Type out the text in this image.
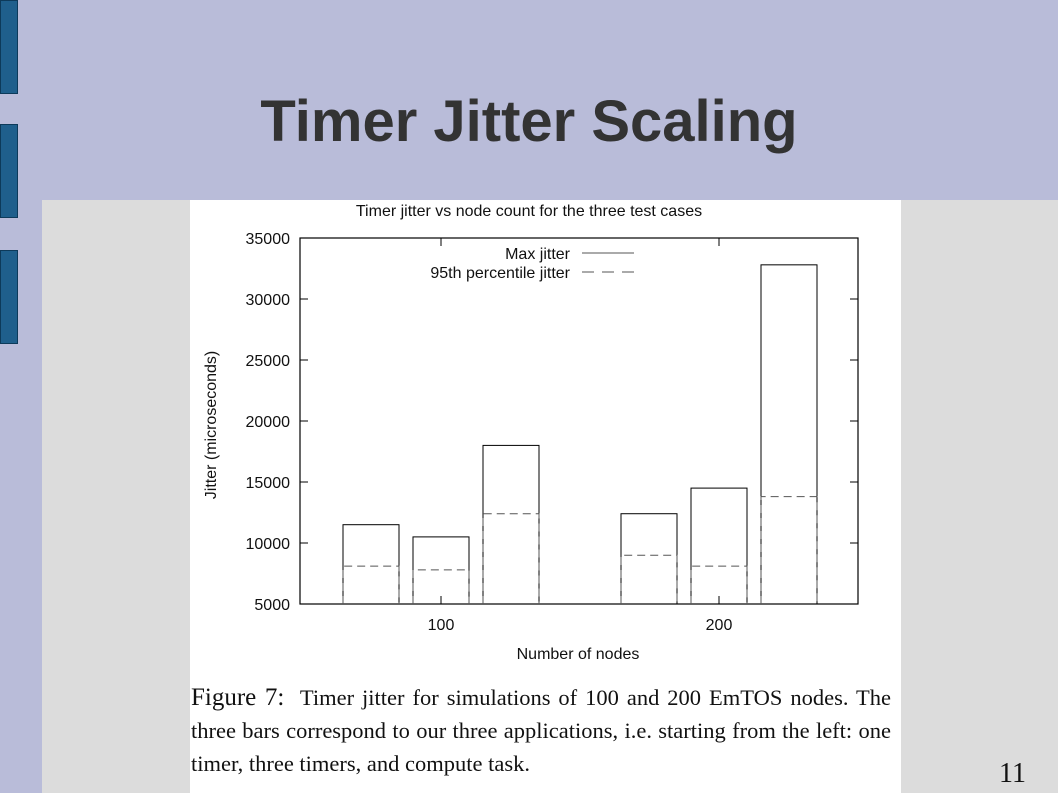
Timer Jitter Scaling
Timer jitter vs node count for the three test cases
5000
10000
15000
20000
25000
30000
35000
Jitter (microseconds)
Number of nodes
100	200
Max jitter
95th percentile jitter
Figure 7: Timer jitter for simulations of 100 and 200 EmTOS nodes. The three bars correspond to our three applications, i.e. starting from the left: one timer, three timers, and compute task.	11
